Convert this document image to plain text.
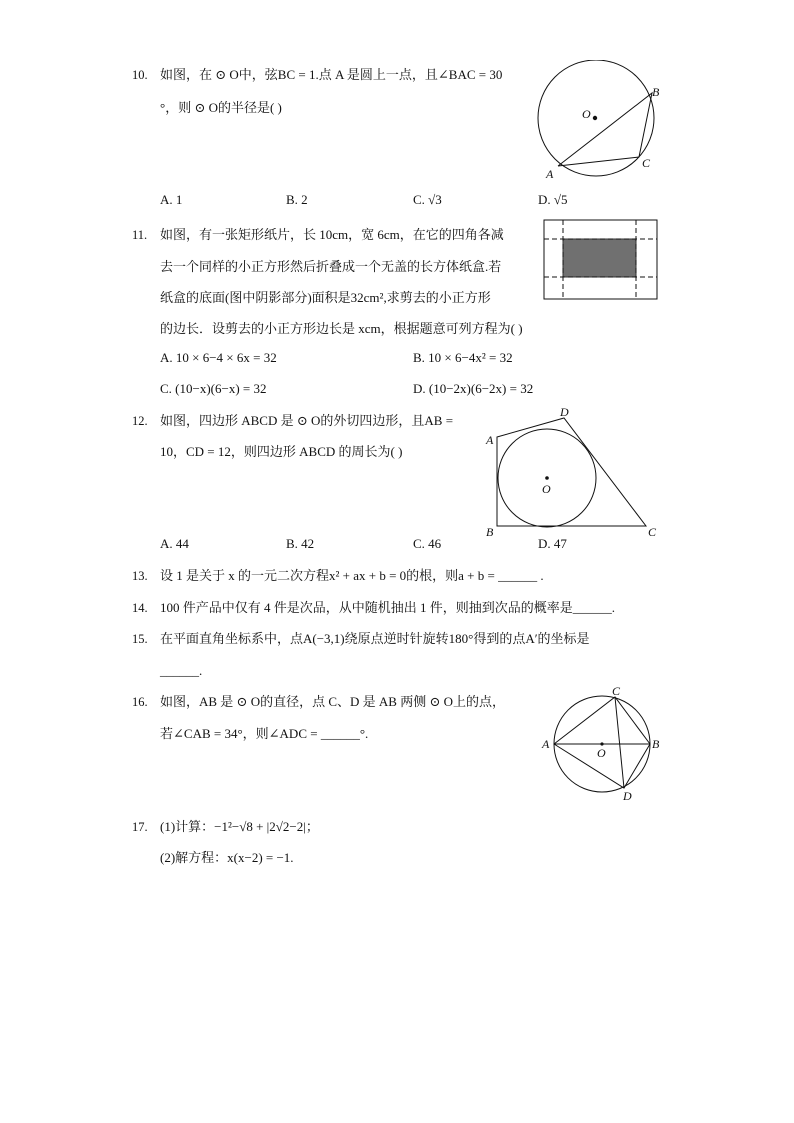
10. 如图，在 ⊙ O中，弦BC = 1.点 A 是圆上一点，且∠BAC = 30
°，则 ⊙ O的半径是( )	O
B
C
A
A. 1	B. 2	C. √3	D. √5
11. 如图，有一张矩形纸片，长 10cm，宽 6cm，在它的四角各减
去一个同样的小正方形然后折叠成一个无盖的长方体纸盒.若
纸盒的底面(图中阴影部分)面积是32cm²,求剪去的小正方形
的边长．设剪去的小正方形边长是 xcm，根据题意可列方程为( )
A. 10 × 6−4 × 6x = 32	B. 10 × 6−4x² = 32
C. (10−x)(6−x) = 32	D. (10−2x)(6−2x) = 32
12. 如图，四边形 ABCD 是 ⊙ O的外切四边形，且AB =
10，CD = 12，则四边形 ABCD 的周长为( )
O
A
D
B	C
A. 44	B. 42	C. 46	D. 47
13. 设 1 是关于 x 的一元二次方程x² + ax + b = 0的根，则a + b = ______ .
14. 100 件产品中仅有 4 件是次品，从中随机抽出 1 件，则抽到次品的概率是______.
15. 在平面直角坐标系中，点A(−3,1)绕原点逆时针旋转180°得到的点A′的坐标是
______.
16. 如图，AB 是 ⊙ O的直径，点 C、D 是 AB 两侧 ⊙ O上的点，
若∠CAB = 34°，则∠ADC = ______°.
O
A	B
C
D
17. (1)计算：−1²−√8 + |2√2−2|；
(2)解方程：x(x−2) = −1.
